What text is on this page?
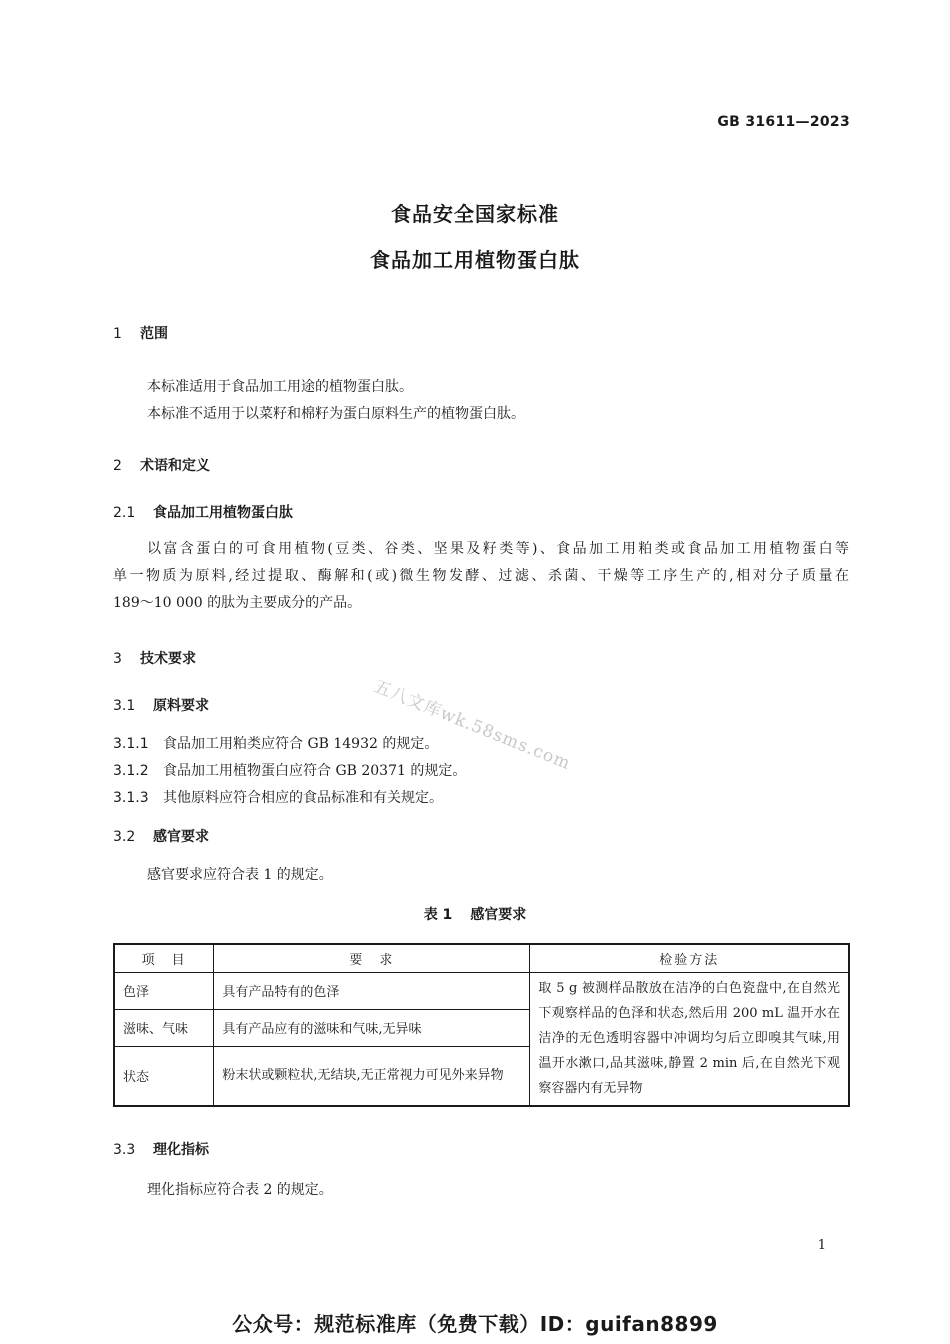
GB 31611—2023
食品安全国家标准
食品加工用植物蛋白肽
1 范围
本标准适用于食品加工用途的植物蛋白肽。
本标准不适用于以菜籽和棉籽为蛋白原料生产的植物蛋白肽。
2 术语和定义
2.1 食品加工用植物蛋白肽
以富含蛋白的可食用植物(豆类、谷类、坚果及籽类等)、食品加工用粕类或食品加工用植物蛋白等
单一物质为原料,经过提取、酶解和(或)微生物发酵、过滤、杀菌、干燥等工序生产的,相对分子质量在
189～10 000 的肽为主要成分的产品。
五八文库wk.58sms.com
3 技术要求
3.1 原料要求
3.1.1 食品加工用粕类应符合 GB 14932 的规定。
3.1.2 食品加工用植物蛋白应符合 GB 20371 的规定。
3.1.3 其他原料应符合相应的食品标准和有关规定。
3.2 感官要求
感官要求应符合表 1 的规定。
表 1 感官要求
项　目	要　求	检验方法
色泽	具有产品特有的色泽	取 5 g 被测样品散放在洁净的白色瓷盘中,在自然光下观察样品的色泽和状态,然后用 200 mL 温开水在洁净的无色透明容器中冲调均匀后立即嗅其气味,用温开水漱口,品其滋味,静置 2 min 后,在自然光下观察容器内有无异物
滋味、气味	具有产品应有的滋味和气味,无异味	
状态	粉末状或颗粒状,无结块,无正常视力可见外来异物	
3.3 理化指标
理化指标应符合表 2 的规定。
1
公众号：规范标准库（免费下载）ID：guifan8899
